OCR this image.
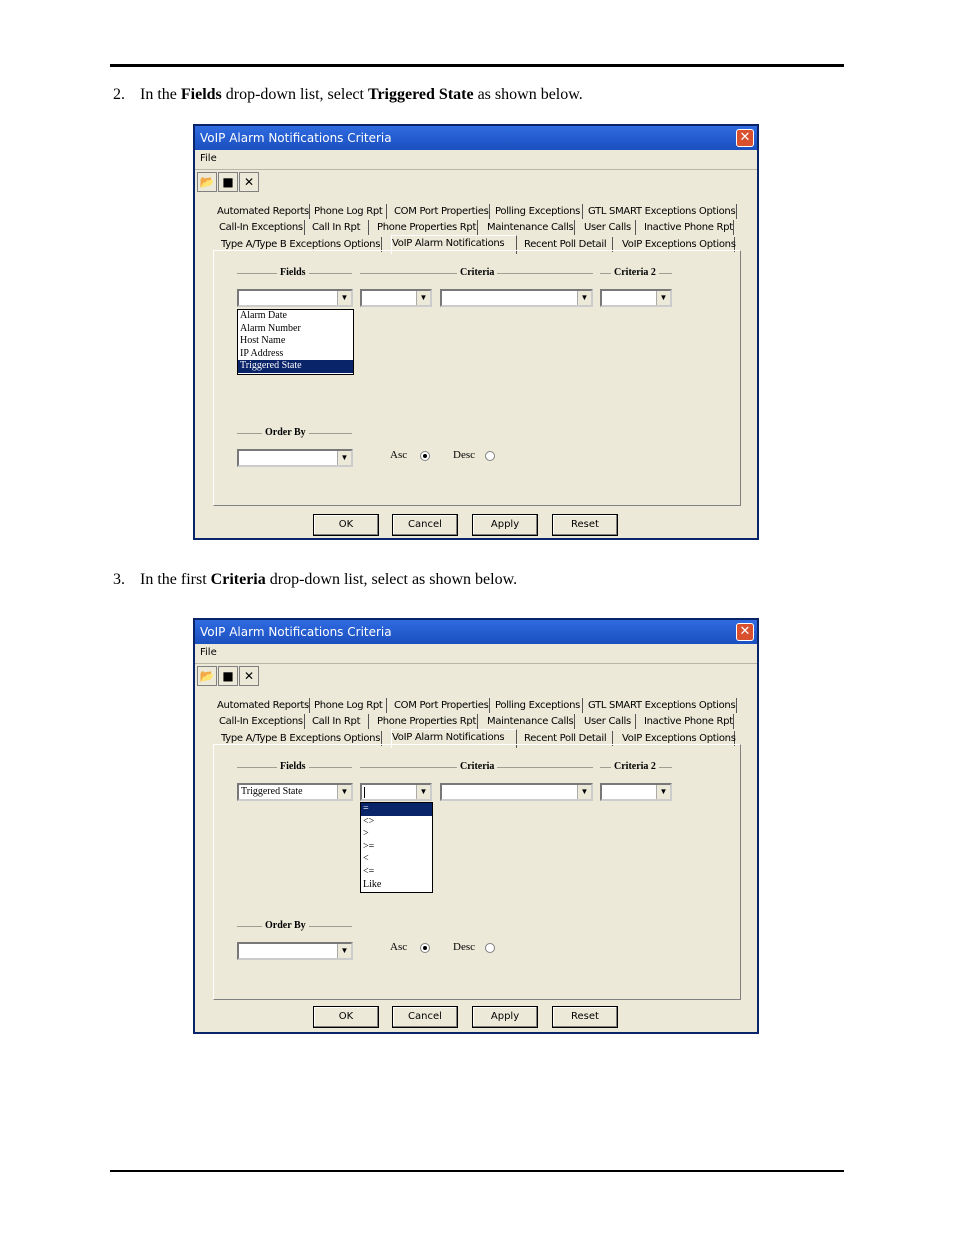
2. In the Fields drop-down list, select Triggered State as shown below.
VoIP Alarm Notifications Criteria	✕
File
📂 ■ ✕
Automated Reports Phone Log Rpt	COM Port Properties Polling Exceptions GTL SMART Exceptions Options
Call-In Exceptions Call In Rpt	Phone Properties Rpt Maintenance Calls User Calls	Inactive Phone Rpt
Type A/Type B Exceptions Options VoIP Alarm Notifications	Recent Poll Detail	VoIP Exceptions Options
Fields	Criteria	Criteria 2
▼	▼	▼	▼
Alarm Date
Alarm Number
Host Name
IP Address
Triggered State
Order By
▼	Asc	Desc
OK	Cancel	Apply	Reset
3. In the first Criteria drop-down list, select as shown below.
VoIP Alarm Notifications Criteria	✕
File
📂 ■ ✕
Automated Reports Phone Log Rpt	COM Port Properties Polling Exceptions GTL SMART Exceptions Options
Call-In Exceptions Call In Rpt	Phone Properties Rpt Maintenance Calls User Calls	Inactive Phone Rpt
Type A/Type B Exceptions Options VoIP Alarm Notifications	Recent Poll Detail	VoIP Exceptions Options
Fields	Criteria	Criteria 2
Triggered State	▼	▼	▼	▼
=
<>
>
>=
<
<=
Like
Order By
▼	Asc	Desc
OK	Cancel	Apply	Reset
